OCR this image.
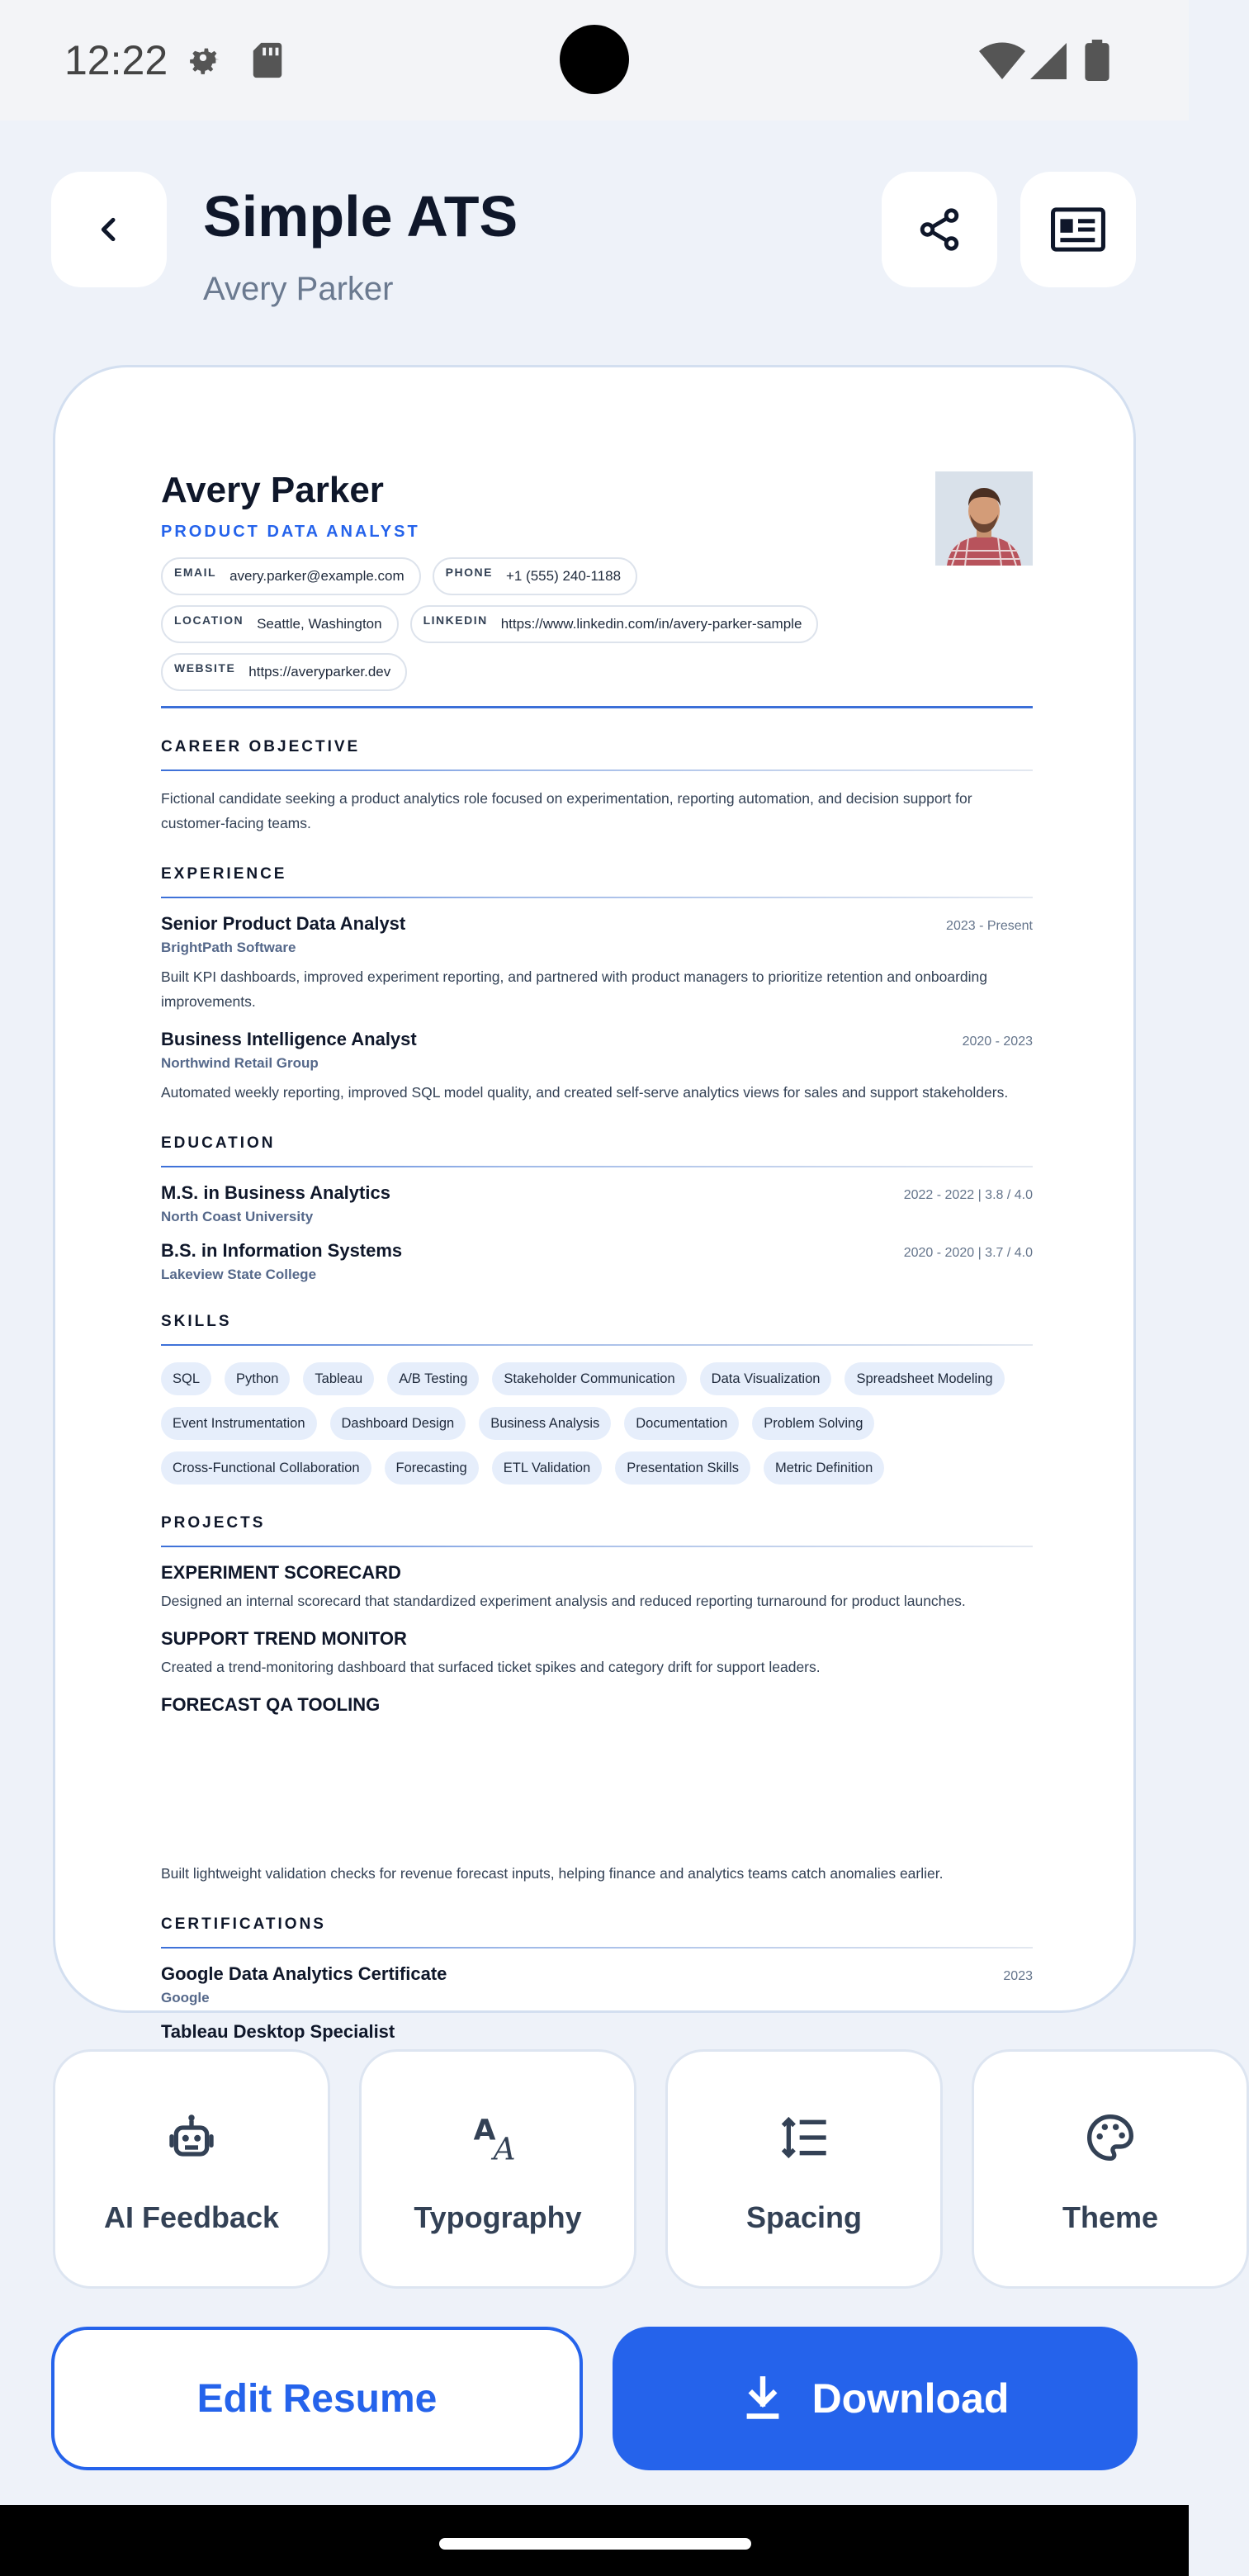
12:22
Simple ATS
Avery Parker
Avery Parker
PRODUCT DATA ANALYST
EMAIL avery.parker@example.com	PHONE +1 (555) 240-1188
LOCATION Seattle, Washington	LINKEDIN https://www.linkedin.com/in/avery-parker-sample
WEBSITE https://averyparker.dev
CAREER OBJECTIVE
Fictional candidate seeking a product analytics role focused on experimentation, reporting automation, and decision support for customer-facing teams.
EXPERIENCE
Senior Product Data Analyst	2023 - Present
BrightPath Software
Built KPI dashboards, improved experiment reporting, and partnered with product managers to prioritize retention and onboarding improvements.
Business Intelligence Analyst	2020 - 2023
Northwind Retail Group
Automated weekly reporting, improved SQL model quality, and created self-serve analytics views for sales and support stakeholders.
EDUCATION
M.S. in Business Analytics	2022 - 2022 | 3.8 / 4.0
North Coast University
B.S. in Information Systems	2020 - 2020 | 3.7 / 4.0
Lakeview State College
SKILLS
SQL	Python	Tableau	A/B Testing	Stakeholder Communication	Data Visualization	Spreadsheet Modeling
Event Instrumentation	Dashboard Design	Business Analysis	Documentation	Problem Solving
Cross-Functional Collaboration	Forecasting	ETL Validation	Presentation Skills	Metric Definition
PROJECTS
EXPERIMENT SCORECARD
Designed an internal scorecard that standardized experiment analysis and reduced reporting turnaround for product launches.
SUPPORT TREND MONITOR
Created a trend-monitoring dashboard that surfaced ticket spikes and category drift for support leaders.
FORECAST QA TOOLING
Built lightweight validation checks for revenue forecast inputs, helping finance and analytics teams catch anomalies earlier.
CERTIFICATIONS
Google Data Analytics Certificate	2023
Google
Tableau Desktop Specialist
AI Feedback
A
A
Typography	Spacing	Theme
Edit Resume	Download
